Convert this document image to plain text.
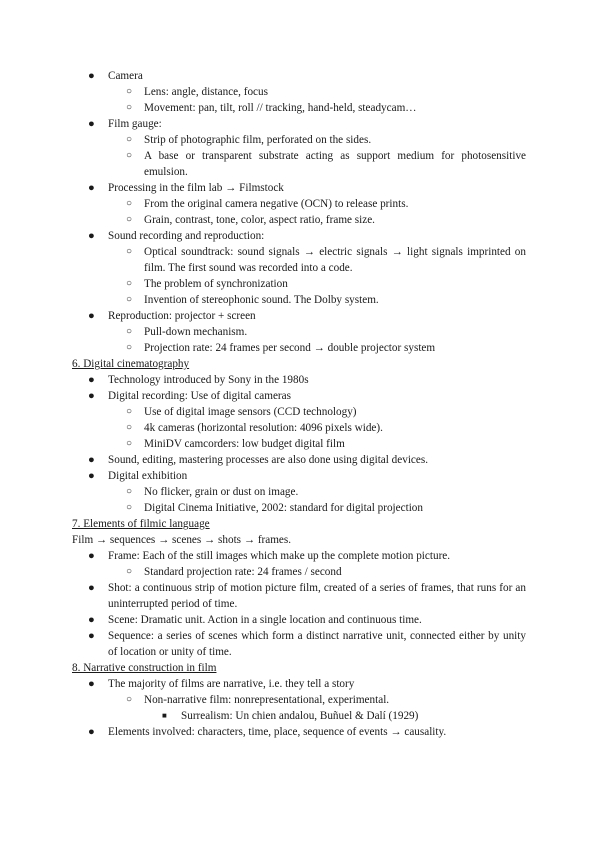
● Camera
○ Lens: angle, distance, focus
○ Movement: pan, tilt, roll // tracking, hand-held, steadycam…
● Film gauge:
○ Strip of photographic film, perforated on the sides.
○ A base or transparent substrate acting as support medium for photosensitive emulsion.
● Processing in the film lab → Filmstock
○ From the original camera negative (OCN) to release prints.
○ Grain, contrast, tone, color, aspect ratio, frame size.
● Sound recording and reproduction:
○ Optical soundtrack: sound signals → electric signals → light signals imprinted on film. The first sound was recorded into a code.
○ The problem of synchronization
○ Invention of stereophonic sound. The Dolby system.
● Reproduction: projector + screen
○ Pull-down mechanism.
○ Projection rate: 24 frames per second → double projector system
6. Digital cinematography
● Technology introduced by Sony in the 1980s
● Digital recording: Use of digital cameras
○ Use of digital image sensors (CCD technology)
○ 4k cameras (horizontal resolution: 4096 pixels wide).
○ MiniDV camcorders: low budget digital film
● Sound, editing, mastering processes are also done using digital devices.
● Digital exhibition
○ No flicker, grain or dust on image.
○ Digital Cinema Initiative, 2002: standard for digital projection
7. Elements of filmic language
Film → sequences → scenes → shots → frames.
● Frame: Each of the still images which make up the complete motion picture.
○ Standard projection rate: 24 frames / second
● Shot: a continuous strip of motion picture film, created of a series of frames, that runs for an uninterrupted period of time.
● Scene: Dramatic unit. Action in a single location and continuous time.
● Sequence: a series of scenes which form a distinct narrative unit, connected either by unity of location or unity of time.
8. Narrative construction in film
● The majority of films are narrative, i.e. they tell a story
○ Non-narrative film: nonrepresentational, experimental.
■ Surrealism: Un chien andalou, Buñuel & Dalí (1929)
● Elements involved: characters, time, place, sequence of events → causality.
